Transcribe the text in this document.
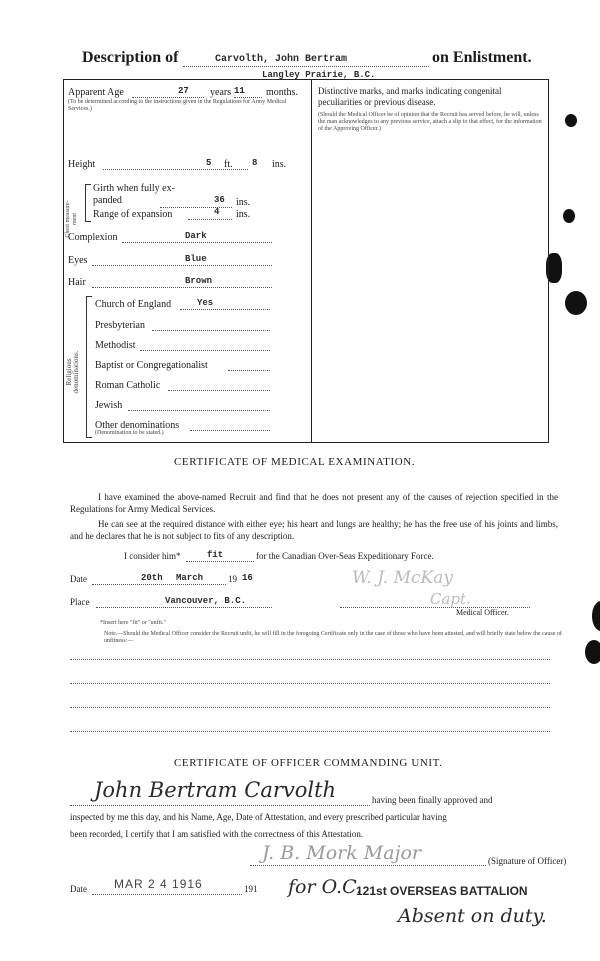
Description of	Carvolth, John Bertram	on Enlistment.
Langley Prairie, B.C.
Apparent Age	27 years 11 months.
(To be determined according to the instructions given in the Regulations for Army Medical Services.)
Height	5 ft. 8 ins.
Chest measure-ment
Girth when fully ex-panded	36 ins.
Range of expansion	4 ins.
Complexion	Dark
Eyes	Blue
Hair	Brown
Religious denominations.
Church of England	Yes
Presbyterian
Methodist
Baptist or Congregationalist
Roman Catholic
Jewish
Other denominations
(Denomination to be stated.)
Distinctive marks, and marks indicating congenital peculiarities or previous disease.
(Should the Medical Officer be of opinion that the Recruit has served before, he will, unless the man acknowledges to any previous service, attach a slip to that effect, for the information of the Approving Officer.)
CERTIFICATE OF MEDICAL EXAMINATION.
I have examined the above-named Recruit and find that he does not present any of the causes of rejection specified in the Regulations for Army Medical Services.
He can see at the required distance with either eye; his heart and lungs are healthy; he has the free use of his joints and limbs, and he declares that he is not subject to fits of any description.
I consider him*	fit	for the Canadian Over-Seas Expeditionary Force.
Date	20th March	19 16	W. J. McKay
Place	Vancouver, B.C.	Capt.
Medical Officer.
*Insert here "fit" or "unfit."
Note.—Should the Medical Officer consider the Recruit unfit, he will fill in the foregoing Certificate only in the case of those who have been attested, and will briefly state below the cause of unfitness:—
CERTIFICATE OF OFFICER COMMANDING UNIT.
John Bertram Carvolth	having been finally approved and
inspected by me this day, and his Name, Age, Date of Attestation, and every prescribed particular having
been recorded, I certify that I am satisfied with the correctness of this Attestation.
J. B. Mork Major	(Signature of Officer)
Date MAR 2 4 1916	191 for O.C.
121st OVERSEAS BATTALION
Absent on duty.
